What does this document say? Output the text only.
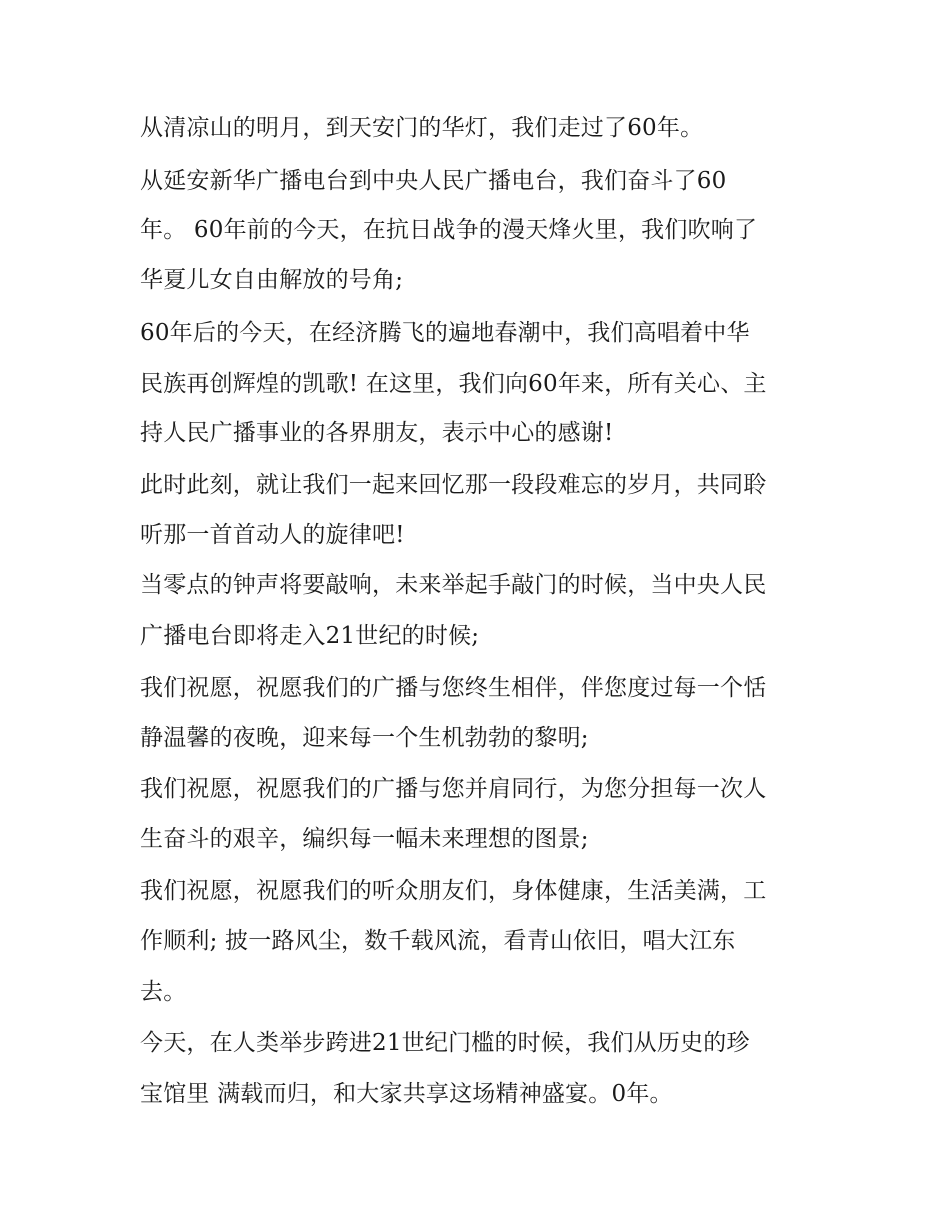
从清凉山的明月，到天安门的华灯，我们走过了60年。

从延安新华广播电台到中央人民广播电台，我们奋斗了60

年。 60年前的今天，在抗日战争的漫天烽火里，我们吹响了

华夏儿女自由解放的号角;

60年后的今天，在经济腾飞的遍地春潮中，我们高唱着中华

民族再创辉煌的凯歌! 在这里，我们向60年来，所有关心、主

持人民广播事业的各界朋友，表示中心的感谢!

此时此刻，就让我们一起来回忆那一段段难忘的岁月，共同聆

听那一首首动人的旋律吧!

当零点的钟声将要敲响，未来举起手敲门的时候，当中央人民

广播电台即将走入21世纪的时候;

我们祝愿，祝愿我们的广播与您终生相伴，伴您度过每一个恬

静温馨的夜晚，迎来每一个生机勃勃的黎明;

我们祝愿，祝愿我们的广播与您并肩同行，为您分担每一次人

生奋斗的艰辛，编织每一幅未来理想的图景;

我们祝愿，祝愿我们的听众朋友们，身体健康，生活美满，工

作顺利; 披一路风尘，数千载风流，看青山依旧，唱大江东

去。

今天，在人类举步跨进21世纪门槛的时候，我们从历史的珍

宝馆里 满载而归，和大家共享这场精神盛宴。0年。
